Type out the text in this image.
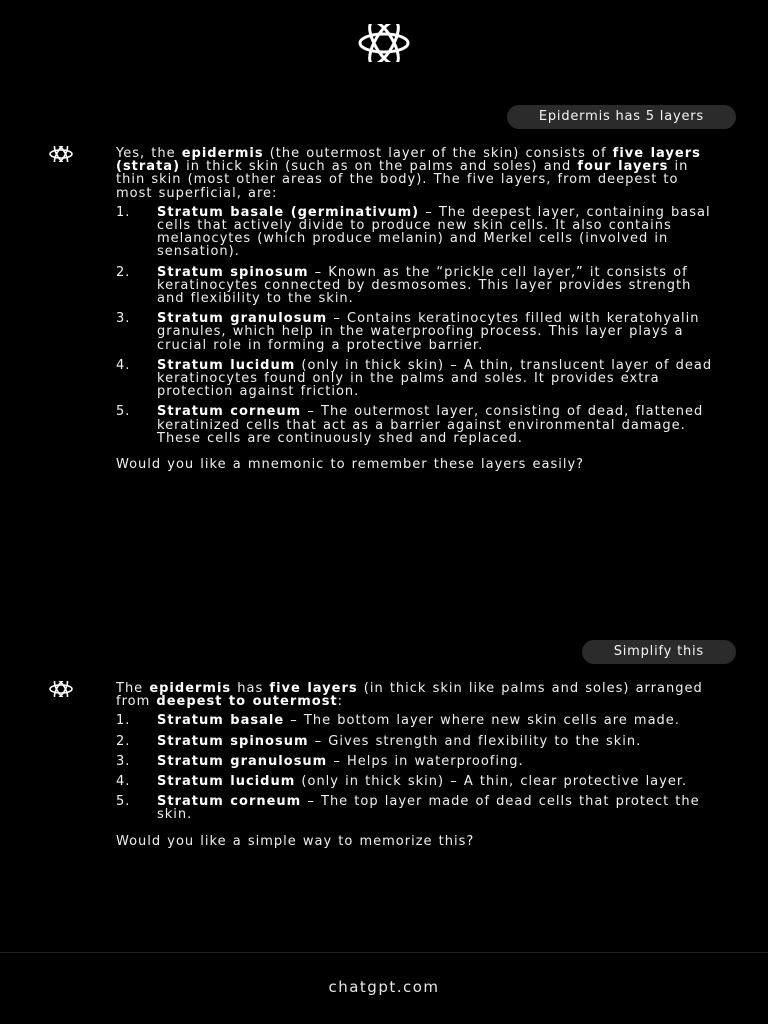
Epidermis has 5 layers

Yes, the epidermis (the outermost layer of the skin) consists of five layers (strata) in thick skin (such as on the palms and soles) and four layers in thin skin (most other areas of the body). The five layers, from deepest to most superficial, are:

1. Stratum basale (germinativum) – The deepest layer, containing basal cells that actively divide to produce new skin cells. It also contains melanocytes (which produce melanin) and Merkel cells (involved in sensation).
2. Stratum spinosum – Known as the “prickle cell layer,” it consists of keratinocytes connected by desmosomes. This layer provides strength and flexibility to the skin.
3. Stratum granulosum – Contains keratinocytes filled with keratohyalin granules, which help in the waterproofing process. This layer plays a crucial role in forming a protective barrier.
4. Stratum lucidum (only in thick skin) – A thin, translucent layer of dead keratinocytes found only in the palms and soles. It provides extra protection against friction.
5. Stratum corneum – The outermost layer, consisting of dead, flattened keratinized cells that act as a barrier against environmental damage. These cells are continuously shed and replaced.

Would you like a mnemonic to remember these layers easily?

Simplify this

The epidermis has five layers (in thick skin like palms and soles) arranged from deepest to outermost:

1. Stratum basale – The bottom layer where new skin cells are made.
2. Stratum spinosum – Gives strength and flexibility to the skin.
3. Stratum granulosum – Helps in waterproofing.
4. Stratum lucidum (only in thick skin) – A thin, clear protective layer.
5. Stratum corneum – The top layer made of dead cells that protect the skin.

Would you like a simple way to memorize this?

chatgpt.com
